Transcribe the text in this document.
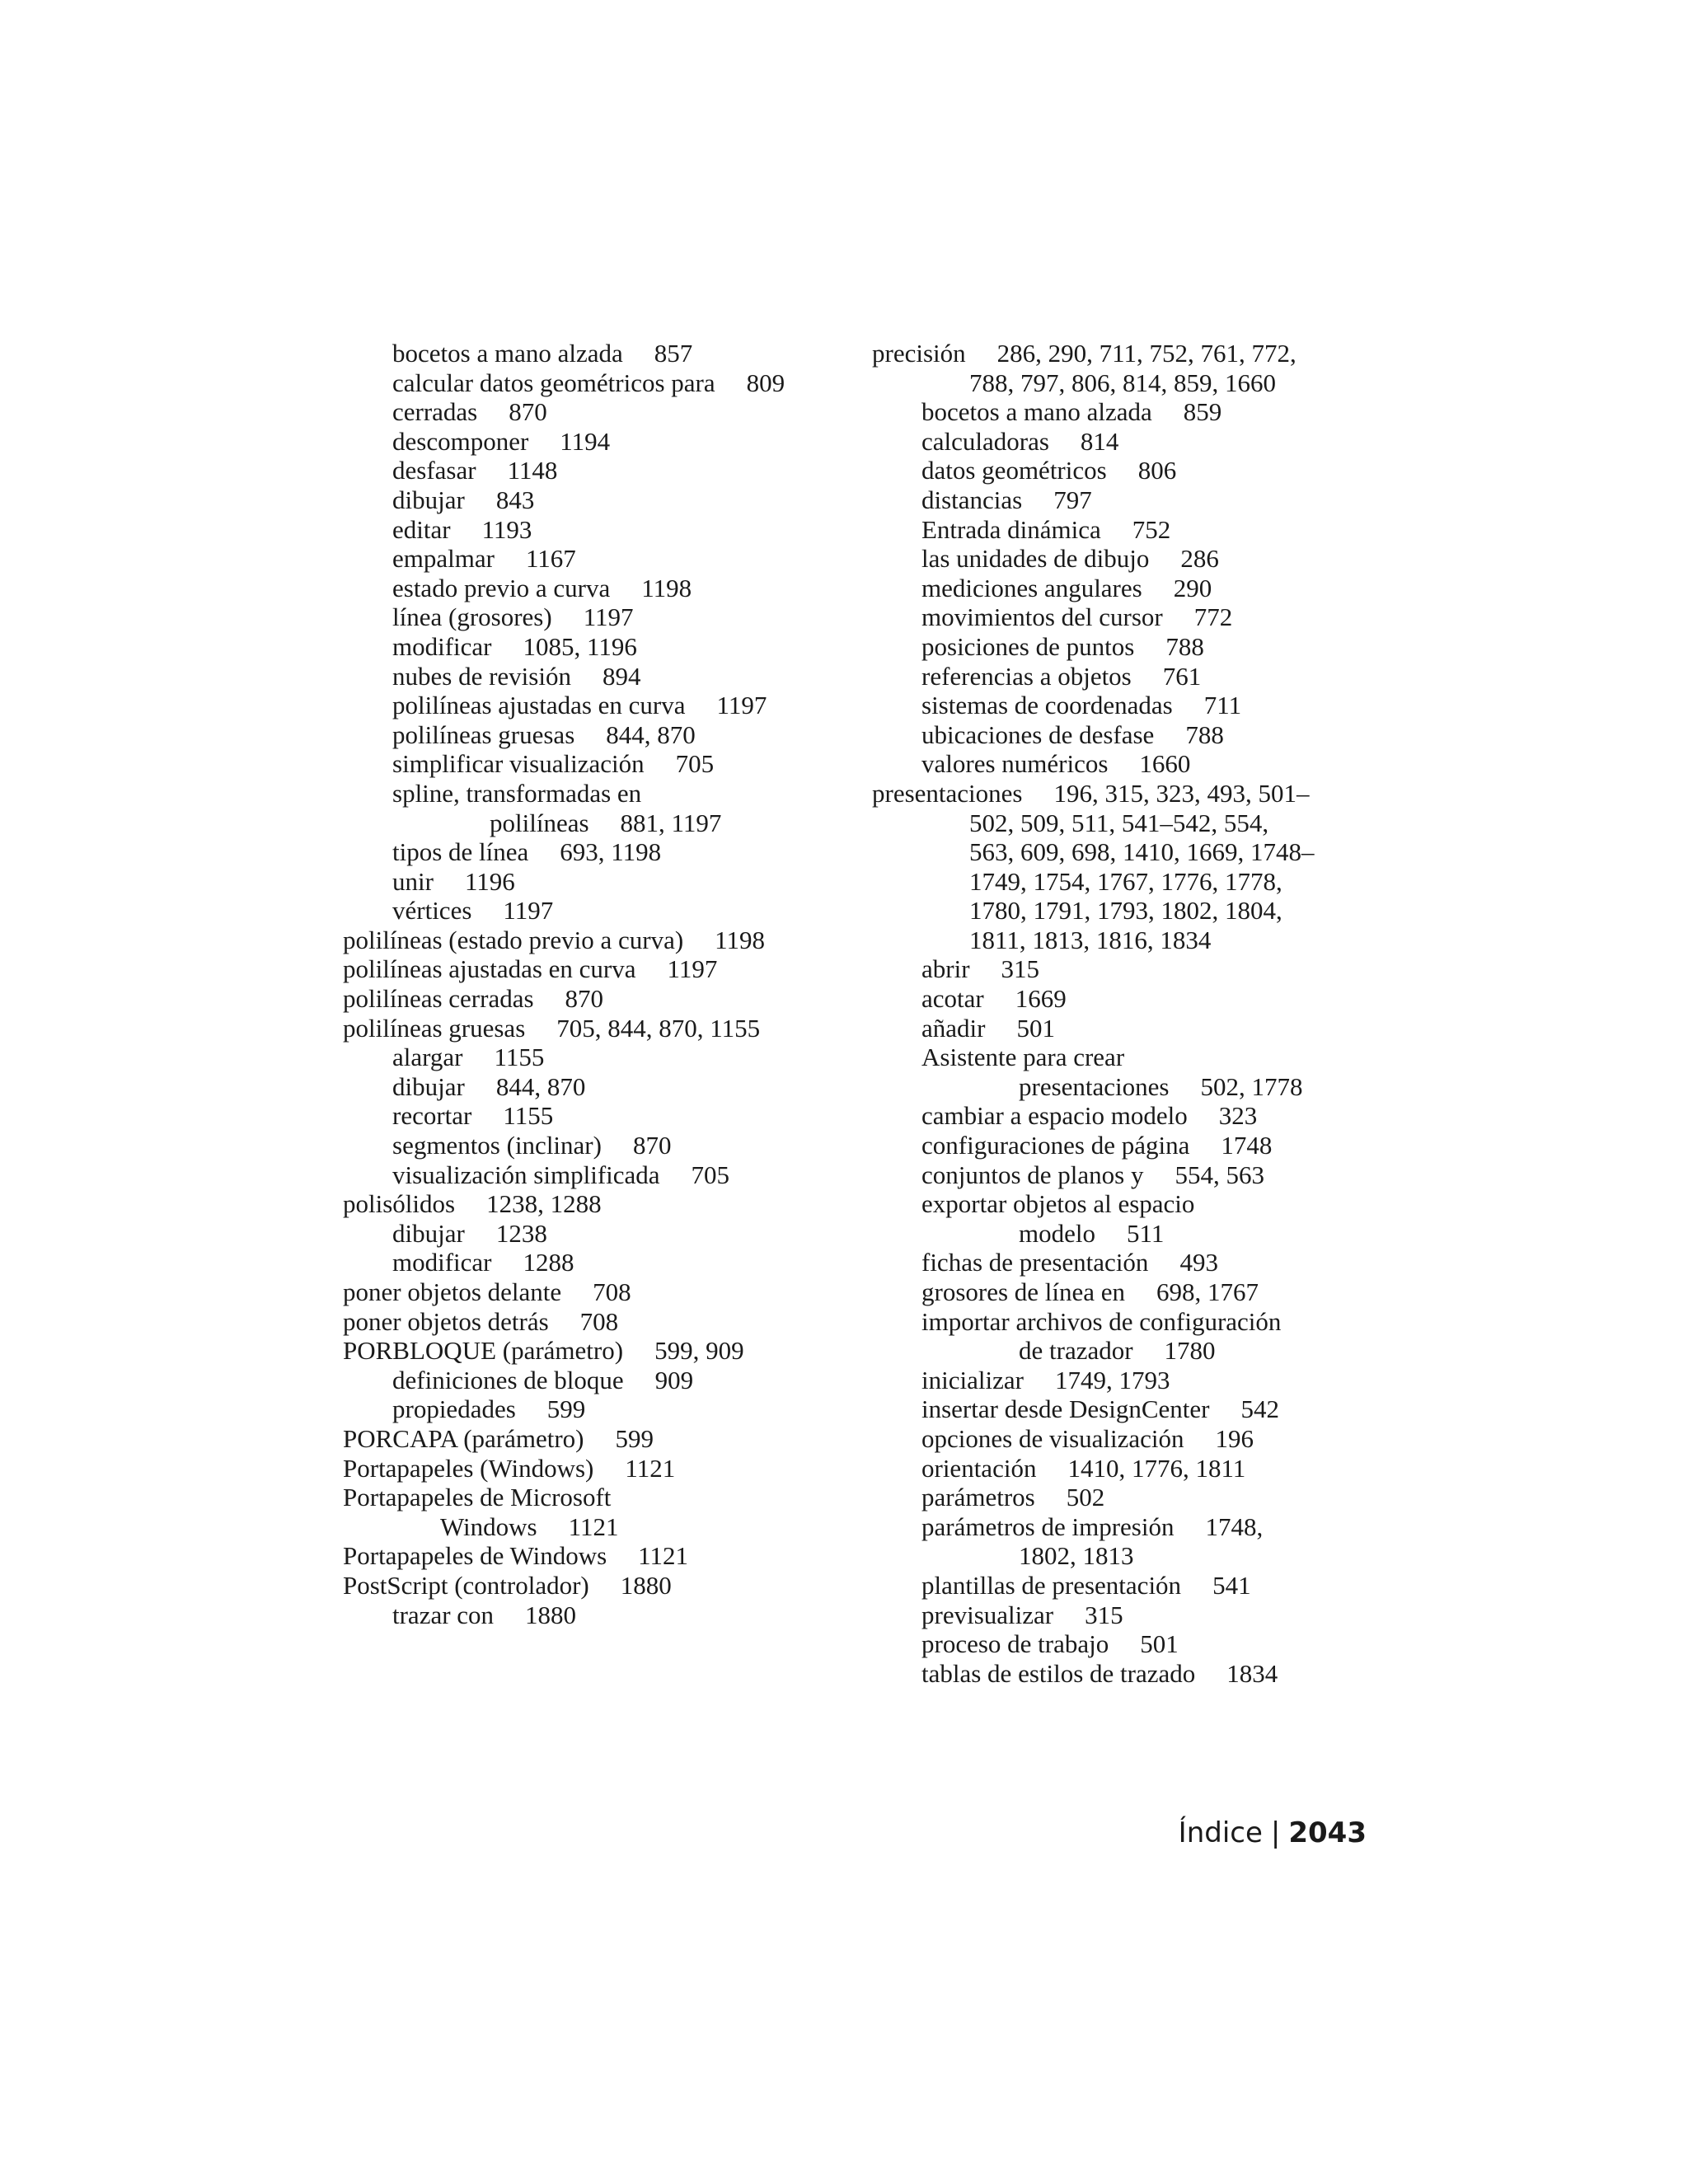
bocetos a mano alzada 857
calcular datos geométricos para 809
cerradas 870
descomponer 1194
desfasar 1148
dibujar 843
editar 1193
empalmar 1167
estado previo a curva 1198
línea (grosores) 1197
modificar 1085, 1196
nubes de revisión 894
polilíneas ajustadas en curva 1197
polilíneas gruesas 844, 870
simplificar visualización 705
spline, transformadas en
polilíneas 881, 1197
tipos de línea 693, 1198
unir 1196
vértices 1197
polilíneas (estado previo a curva) 1198
polilíneas ajustadas en curva 1197
polilíneas cerradas 870
polilíneas gruesas 705, 844, 870, 1155
alargar 1155
dibujar 844, 870
recortar 1155
segmentos (inclinar) 870
visualización simplificada 705
polisólidos 1238, 1288
dibujar 1238
modificar 1288
poner objetos delante 708
poner objetos detrás 708
PORBLOQUE (parámetro) 599, 909
definiciones de bloque 909
propiedades 599
PORCAPA (parámetro) 599
Portapapeles (Windows) 1121
Portapapeles de Microsoft
Windows 1121
Portapapeles de Windows 1121
PostScript (controlador) 1880
trazar con 1880
precisión 286, 290, 711, 752, 761, 772,
788, 797, 806, 814, 859, 1660
bocetos a mano alzada 859
calculadoras 814
datos geométricos 806
distancias 797
Entrada dinámica 752
las unidades de dibujo 286
mediciones angulares 290
movimientos del cursor 772
posiciones de puntos 788
referencias a objetos 761
sistemas de coordenadas 711
ubicaciones de desfase 788
valores numéricos 1660
presentaciones 196, 315, 323, 493, 501–
502, 509, 511, 541–542, 554,
563, 609, 698, 1410, 1669, 1748–
1749, 1754, 1767, 1776, 1778,
1780, 1791, 1793, 1802, 1804,
1811, 1813, 1816, 1834
abrir 315
acotar 1669
añadir 501
Asistente para crear
presentaciones 502, 1778
cambiar a espacio modelo 323
configuraciones de página 1748
conjuntos de planos y 554, 563
exportar objetos al espacio
modelo 511
fichas de presentación 493
grosores de línea en 698, 1767
importar archivos de configuración
de trazador 1780
inicializar 1749, 1793
insertar desde DesignCenter 542
opciones de visualización 196
orientación 1410, 1776, 1811
parámetros 502
parámetros de impresión 1748,
1802, 1813
plantillas de presentación 541
previsualizar 315
proceso de trabajo 501
tablas de estilos de trazado 1834
Índice | 2043
